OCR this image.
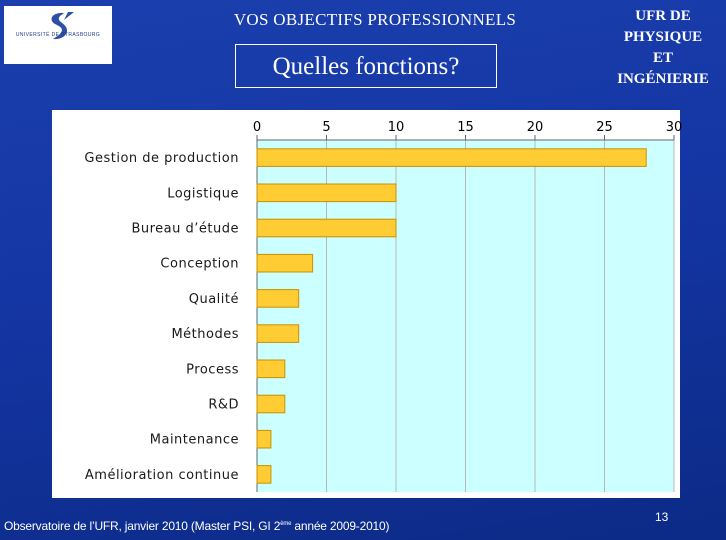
UNIVERSITÉ DE STRASBOURG
VOS OBJECTIFS PROFESSIONNELS
Quelles fonctions?
UFR DE
PHYSIQUE
ET
INGÉNIERIE
0	5	10	15	20	25	30
Gestion de production
Logistique
Bureau d’étude
Conception
Qualité
Méthodes
Process
R&D
Maintenance
Amélioration continue
Observatoire de l’UFR, janvier 2010 (Master PSI, GI 2ème année 2009-2010)
13
